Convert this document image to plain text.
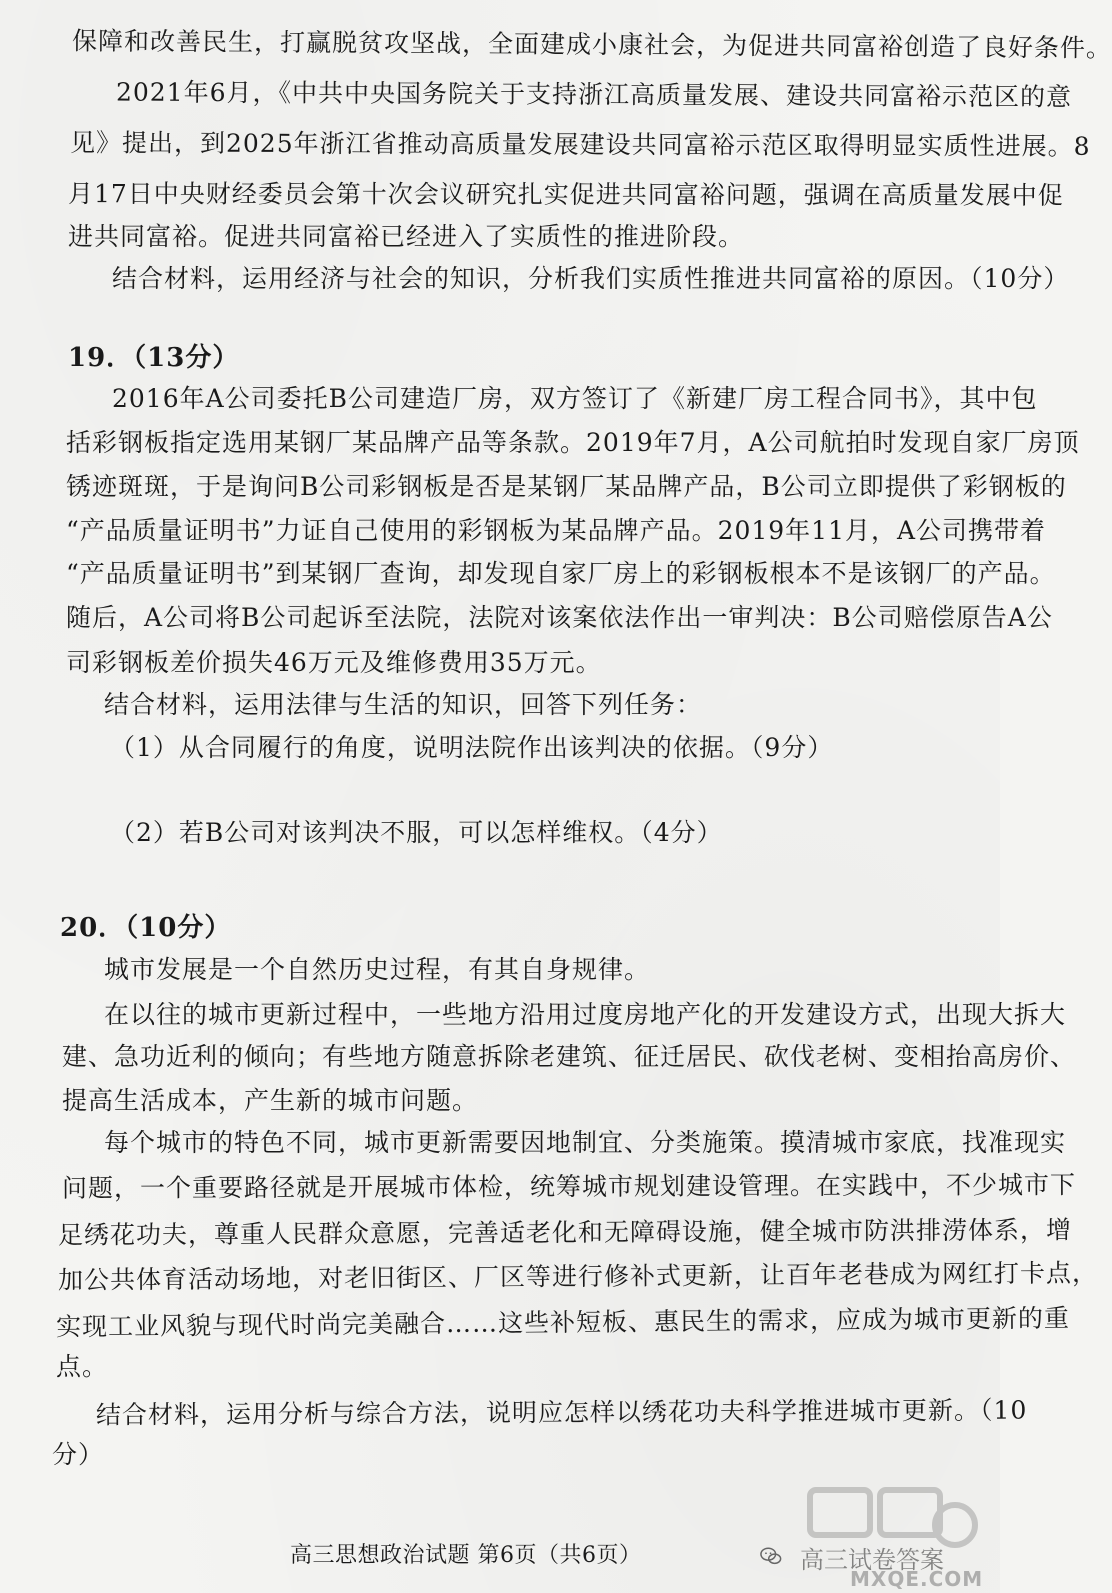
保障和改善民生，打赢脱贫攻坚战，全面建成小康社会，为促进共同富裕创造了良好条件。
2021年6月，《中共中央国务院关于支持浙江高质量发展、建设共同富裕示范区的意
见》提出，到2025年浙江省推动高质量发展建设共同富裕示范区取得明显实质性进展。8
月17日中央财经委员会第十次会议研究扎实促进共同富裕问题，强调在高质量发展中促
进共同富裕。促进共同富裕已经进入了实质性的推进阶段。
结合材料，运用经济与社会的知识，分析我们实质性推进共同富裕的原因。（10分）
19．（13分）
2016年A公司委托B公司建造厂房，双方签订了《新建厂房工程合同书》，其中包
括彩钢板指定选用某钢厂某品牌产品等条款。2019年7月，A公司航拍时发现自家厂房顶
锈迹斑斑，于是询问B公司彩钢板是否是某钢厂某品牌产品，B公司立即提供了彩钢板的
“产品质量证明书”力证自己使用的彩钢板为某品牌产品。2019年11月，A公司携带着
“产品质量证明书”到某钢厂查询，却发现自家厂房上的彩钢板根本不是该钢厂的产品。
随后，A公司将B公司起诉至法院，法院对该案依法作出一审判决：B公司赔偿原告A公
司彩钢板差价损失46万元及维修费用35万元。
结合材料，运用法律与生活的知识，回答下列任务：
（1）从合同履行的角度，说明法院作出该判决的依据。（9分）
（2）若B公司对该判决不服，可以怎样维权。（4分）
20．（10分）
城市发展是一个自然历史过程，有其自身规律。
在以往的城市更新过程中，一些地方沿用过度房地产化的开发建设方式，出现大拆大
建、急功近利的倾向；有些地方随意拆除老建筑、征迁居民、砍伐老树、变相抬高房价、
提高生活成本，产生新的城市问题。
每个城市的特色不同，城市更新需要因地制宜、分类施策。摸清城市家底，找准现实
问题，一个重要路径就是开展城市体检，统筹城市规划建设管理。在实践中，不少城市下
足绣花功夫，尊重人民群众意愿，完善适老化和无障碍设施，健全城市防洪排涝体系，增
加公共体育活动场地，对老旧街区、厂区等进行修补式更新，让百年老巷成为网红打卡点，
实现工业风貌与现代时尚完美融合……这些补短板、惠民生的需求，应成为城市更新的重
点。
结合材料，运用分析与综合方法，说明应怎样以绣花功夫科学推进城市更新。（10
分）
高三思想政治试题 第6页（共6页）	高三试卷答案
MXQE.COM
